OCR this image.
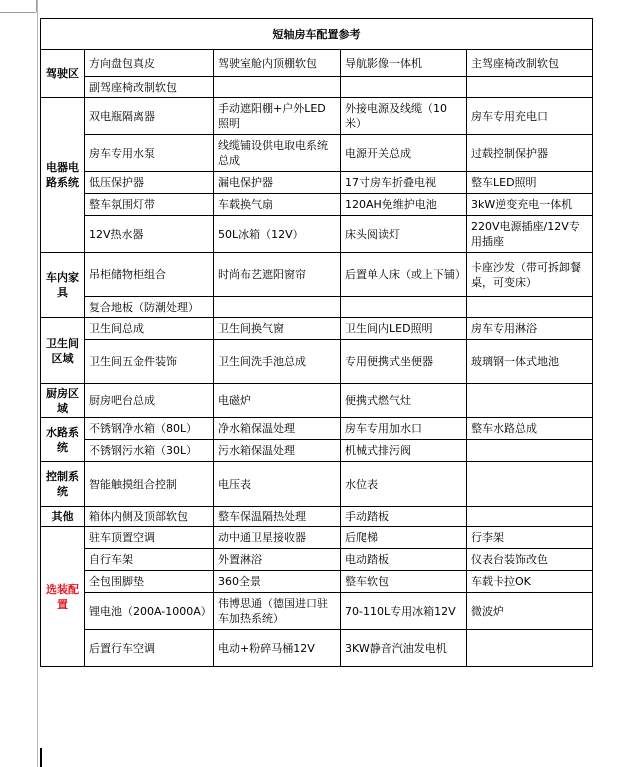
短轴房车配置参考				
驾驶区	方向盘包真皮	驾驶室舱内顶棚软包	导航影像一体机	主驾座椅改制软包
	副驾座椅改制软包			
电器电路系统	双电瓶隔离器	手动遮阳棚+户外LED照明	外接电源及线缆（10米）	房车专用充电口
	房车专用水泵	线缆铺设供电取电系统总成	电源开关总成	过载控制保护器
	低压保护器	漏电保护器	17寸房车折叠电视	整车LED照明
	整车氛围灯带	车载换气扇	120AH免维护电池	3kW逆变充电一体机
	12V热水器	50L冰箱（12V）	床头阅读灯	220V电源插座/12V专用插座
车内家具	吊柜储物柜组合	时尚布艺遮阳窗帘	后置单人床（或上下铺）	卡座沙发（带可拆卸餐桌，可变床）
	复合地板（防潮处理）			
卫生间区域	卫生间总成	卫生间换气窗	卫生间内LED照明	房车专用淋浴
	卫生间五金件装饰	卫生间洗手池总成	专用便携式坐便器	玻璃钢一体式地池
厨房区域	厨房吧台总成	电磁炉	便携式燃气灶	
水路系统	不锈钢净水箱（80L）	净水箱保温处理	房车专用加水口	整车水路总成
	不锈钢污水箱（30L）	污水箱保温处理	机械式排污阀	
控制系统	智能触摸组合控制	电压表	水位表	
其他	箱体内侧及顶部软包	整车保温隔热处理	手动踏板	
选装配置	驻车顶置空调	动中通卫星接收器	后爬梯	行李架
	自行车架	外置淋浴	电动踏板	仪表台装饰改色
	全包围脚垫	360全景	整车软包	车载卡拉OK
	锂电池（200A-1000A）	伟博思通（德国进口驻车加热系统）	70-110L专用冰箱12V	微波炉
	后置行车空调	电动+粉碎马桶12V	3KW静音汽油发电机	
